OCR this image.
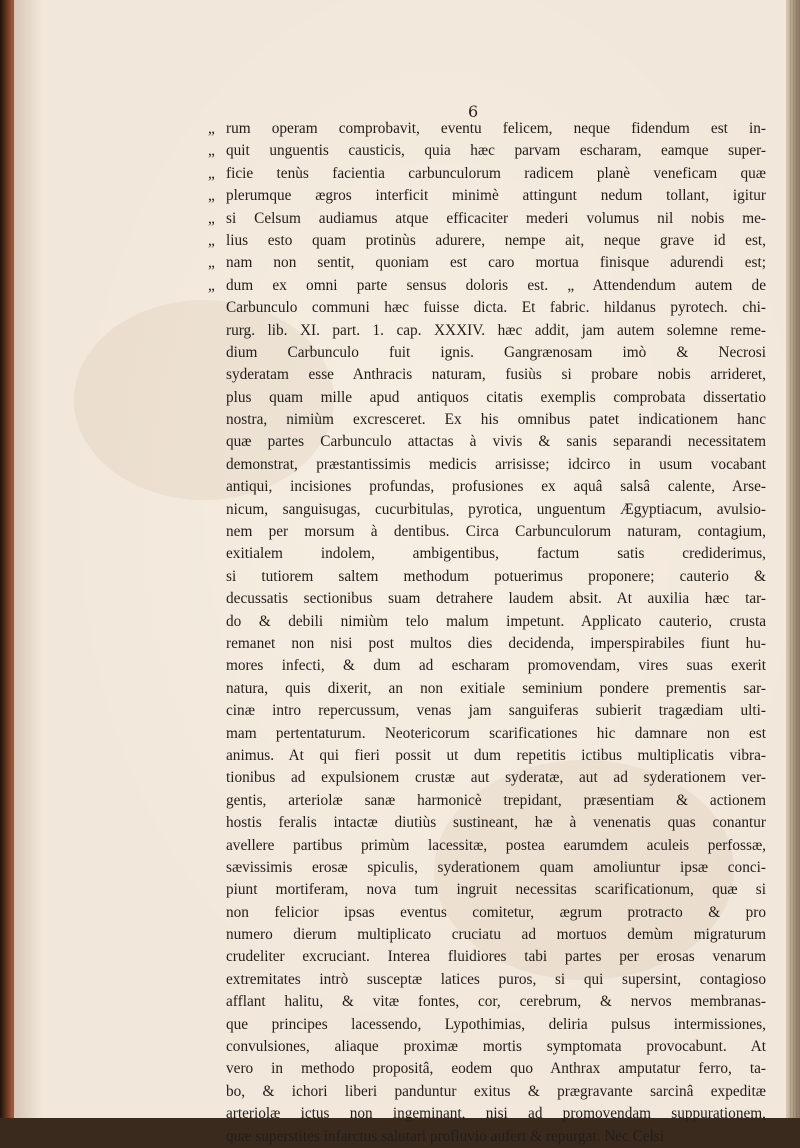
6
rum operam comprobavit, eventu felicem, neque fidendum est in-
quit unguentis causticis, quia hæc parvam escharam, eamque super-
ficie tenùs facientia carbunculorum radicem planè veneficam quæ
plerumque ægros interficit minimè attingunt nedum tollant, igitur
si Celsum audiamus atque efficaciter mederi volumus nil nobis me-
lius esto quam protinùs adurere, nempe ait, neque grave id est,
nam non sentit, quoniam est caro mortua finisque adurendi est;
dum ex omni parte sensus doloris est. „ Attendendum autem de
Carbunculo communi hæc fuisse dicta. Et fabric. hildanus pyrotech. chi-
rurg. lib. XI. part. 1. cap. XXXIV. hæc addit, jam autem solemne reme-
dium Carbunculo fuit ignis. Gangrænosam imò & Necrosi
syderatam esse Anthracis naturam, fusiùs si probare nobis arrideret,
plus quam mille apud antiquos citatis exemplis comprobata dissertatio
nostra, nimiùm excresceret. Ex his omnibus patet indicationem hanc
quæ partes Carbunculo attactas à vivis & sanis separandi necessitatem
demonstrat, præstantissimis medicis arrisisse; idcirco in usum vocabant
antiqui, incisiones profundas, profusiones ex aquâ salsâ calente, Arse-
nicum, sanguisugas, cucurbitulas, pyrotica, unguentum Ægyptiacum, avulsio-
nem per morsum à dentibus. Circa Carbunculorum naturam, contagium,
exitialem indolem, ambigentibus, factum satis crediderimus,
si tutiorem saltem methodum potuerimus proponere; cauterio &
decussatis sectionibus suam detrahere laudem absit. At auxilia hæc tar-
do & debili nimiùm telo malum impetunt. Applicato cauterio, crusta
remanet non nisi post multos dies decidenda, imperspirabiles fiunt hu-
mores infecti, & dum ad escharam promovendam, vires suas exerit
natura, quis dixerit, an non exitiale seminium pondere prementis sar-
cinæ intro repercussum, venas jam sanguiferas subierit tragædiam ulti-
mam pertentaturum. Neotericorum scarificationes hic damnare non est
animus. At qui fieri possit ut dum repetitis ictibus multiplicatis vibra-
tionibus ad expulsionem crustæ aut syderatæ, aut ad syderationem ver-
gentis, arteriolæ sanæ harmonicè trepidant, præsentiam & actionem
hostis feralis intactæ diutiùs sustineant, hæ à venenatis quas conantur
avellere partibus primùm lacessitæ, postea earumdem aculeis perfossæ,
sævissimis erosæ spiculis, syderationem quam amoliuntur ipsæ conci-
piunt mortiferam, nova tum ingruit necessitas scarificationum, quæ si
non felicior ipsas eventus comitetur, ægrum protracto & pro
numero dierum multiplicato cruciatu ad mortuos demùm migraturum
crudeliter excruciant. Interea fluidiores tabi partes per erosas venarum
extremitates intrò susceptæ latices puros, si qui supersint, contagioso
afflant halitu, & vitæ fontes, cor, cerebrum, & nervos membranas-
que principes lacessendo, Lypothimias, deliria pulsus intermissiones,
convulsiones, aliaque proximæ mortis symptomata provocabunt. At
vero in methodo propositâ, eodem quo Anthrax amputatur ferro, ta-
bo, & ichori liberi panduntur exitus & prægravante sarcinâ expeditæ
arteriolæ ictus non ingeminant, nisi ad promovendam suppurationem,
quæ superstites infarctus salutari profluvio aufert & repurgat. Nec Celsi
